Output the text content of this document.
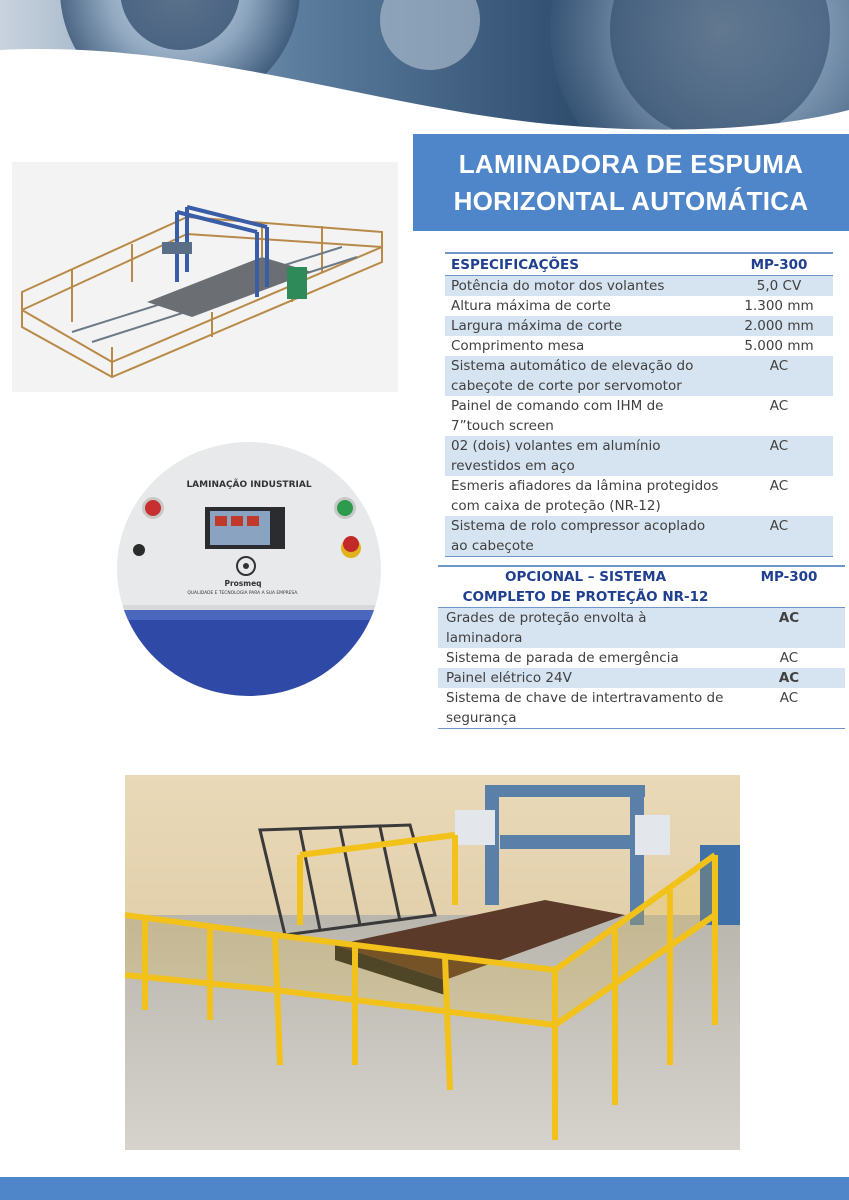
LAMINADORA DE ESPUMA
HORIZONTAL AUTOMÁTICA
LAMINAÇÃO INDUSTRIAL
Prosmeq
QUALIDADE E TECNOLOGIA PARA A SUA EMPRESA.
ESPECIFICAÇÕES	MP-300
Potência do motor dos volantes	5,0 CV
Altura máxima de corte	1.300 mm
Largura máxima de corte	2.000 mm
Comprimento mesa	5.000 mm
Sistema automático de elevação do cabeçote de corte por servomotor	AC
Painel de comando com IHM de 7”touch screen	AC
02 (dois) volantes em alumínio revestidos em aço	AC
Esmeris afiadores da lâmina protegidos com caixa de proteção (NR-12)	AC
Sistema de rolo compressor acoplado ao cabeçote	AC
OPCIONAL – SISTEMA
COMPLETO DE PROTEÇÃO NR-12	MP-300
Grades de proteção envolta à laminadora	AC
Sistema de parada de emergência	AC
Painel elétrico 24V	AC
Sistema de chave de intertravamento de segurança	AC
